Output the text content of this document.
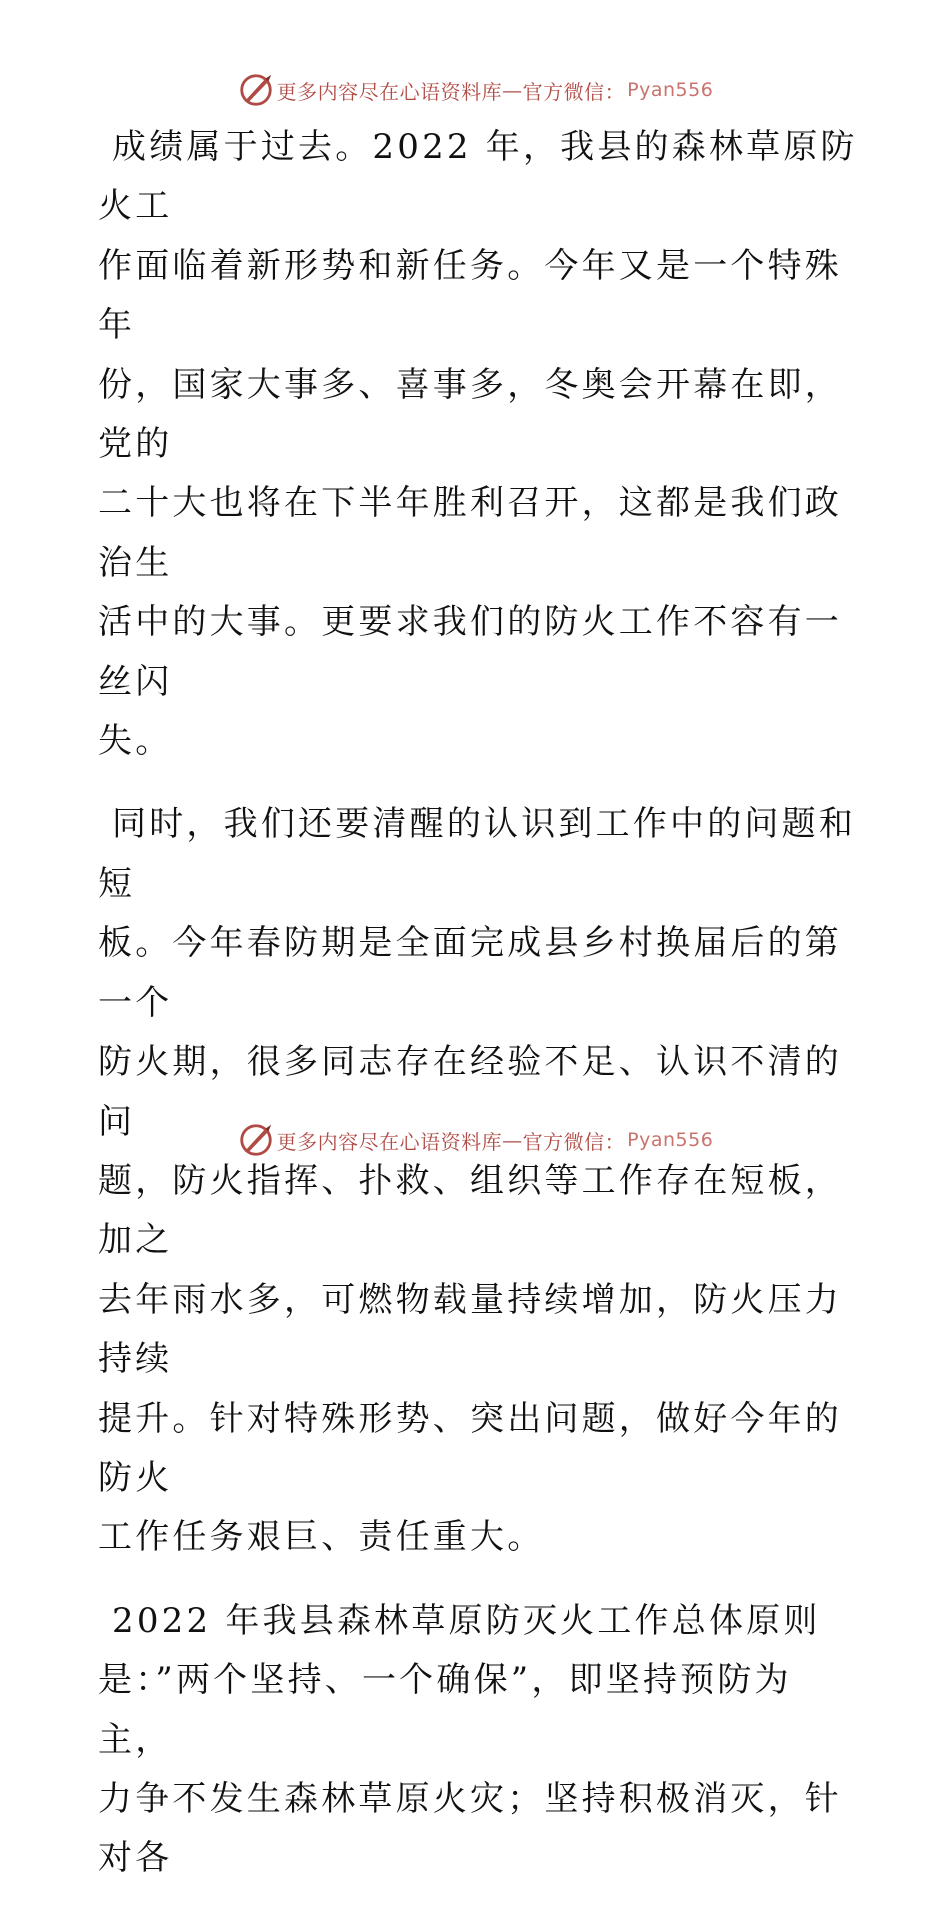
更多内容尽在心语资料库 — 官方微信： Pyan556
成绩属于过去。2022 年，我县的森林草原防火工
作面临着新形势和新任务。今年又是一个特殊年
份，国家大事多、喜事多，冬奥会开幕在即，党的
二十大也将在下半年胜利召开，这都是我们政治生
活中的大事。更要求我们的防火工作不容有一丝闪
失。
同时，我们还要清醒的认识到工作中的问题和短
板。今年春防期是全面完成县乡村换届后的第一个
防火期，很多同志存在经验不足、认识不清的问
题，防火指挥、扑救、组织等工作存在短板，加之
去年雨水多，可燃物载量持续增加，防火压力持续
提升。针对特殊形势、突出问题，做好今年的防火
工作任务艰巨、责任重大。
2022 年我县森林草原防灭火工作总体原则
是：”两个坚持、一个确保”，即坚持预防为主，
力争不发生森林草原火灾；坚持积极消灭，针对各
更多内容尽在心语资料库 — 官方微信： Pyan556
